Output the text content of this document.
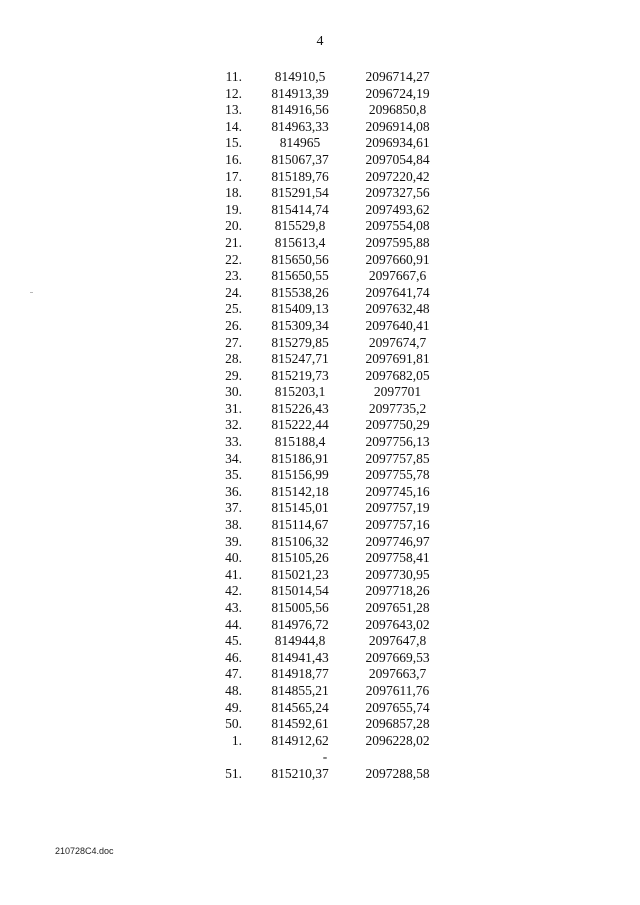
4
11.	814910,5	2096714,27
12.	814913,39	2096724,19
13.	814916,56	2096850,8
14.	814963,33	2096914,08
15.	814965	2096934,61
16.	815067,37	2097054,84
17.	815189,76	2097220,42
18.	815291,54	2097327,56
19.	815414,74	2097493,62
20.	815529,8	2097554,08
21.	815613,4	2097595,88
22.	815650,56	2097660,91
23.	815650,55	2097667,6
24.	815538,26	2097641,74
25.	815409,13	2097632,48
26.	815309,34	2097640,41
27.	815279,85	2097674,7
28.	815247,71	2097691,81
29.	815219,73	2097682,05
30.	815203,1	2097701
31.	815226,43	2097735,2
32.	815222,44	2097750,29
33.	815188,4	2097756,13
34.	815186,91	2097757,85
35.	815156,99	2097755,78
36.	815142,18	2097745,16
37.	815145,01	2097757,19
38.	815114,67	2097757,16
39.	815106,32	2097746,97
40.	815105,26	2097758,41
41.	815021,23	2097730,95
42.	815014,54	2097718,26
43.	815005,56	2097651,28
44.	814976,72	2097643,02
45.	814944,8	2097647,8
46.	814941,43	2097669,53
47.	814918,77	2097663,7
48.	814855,21	2097611,76
49.	814565,24	2097655,74
50.	814592,61	2096857,28
1.	814912,62	2096228,02
-
51.	815210,37	2097288,58
210728C4.doc
